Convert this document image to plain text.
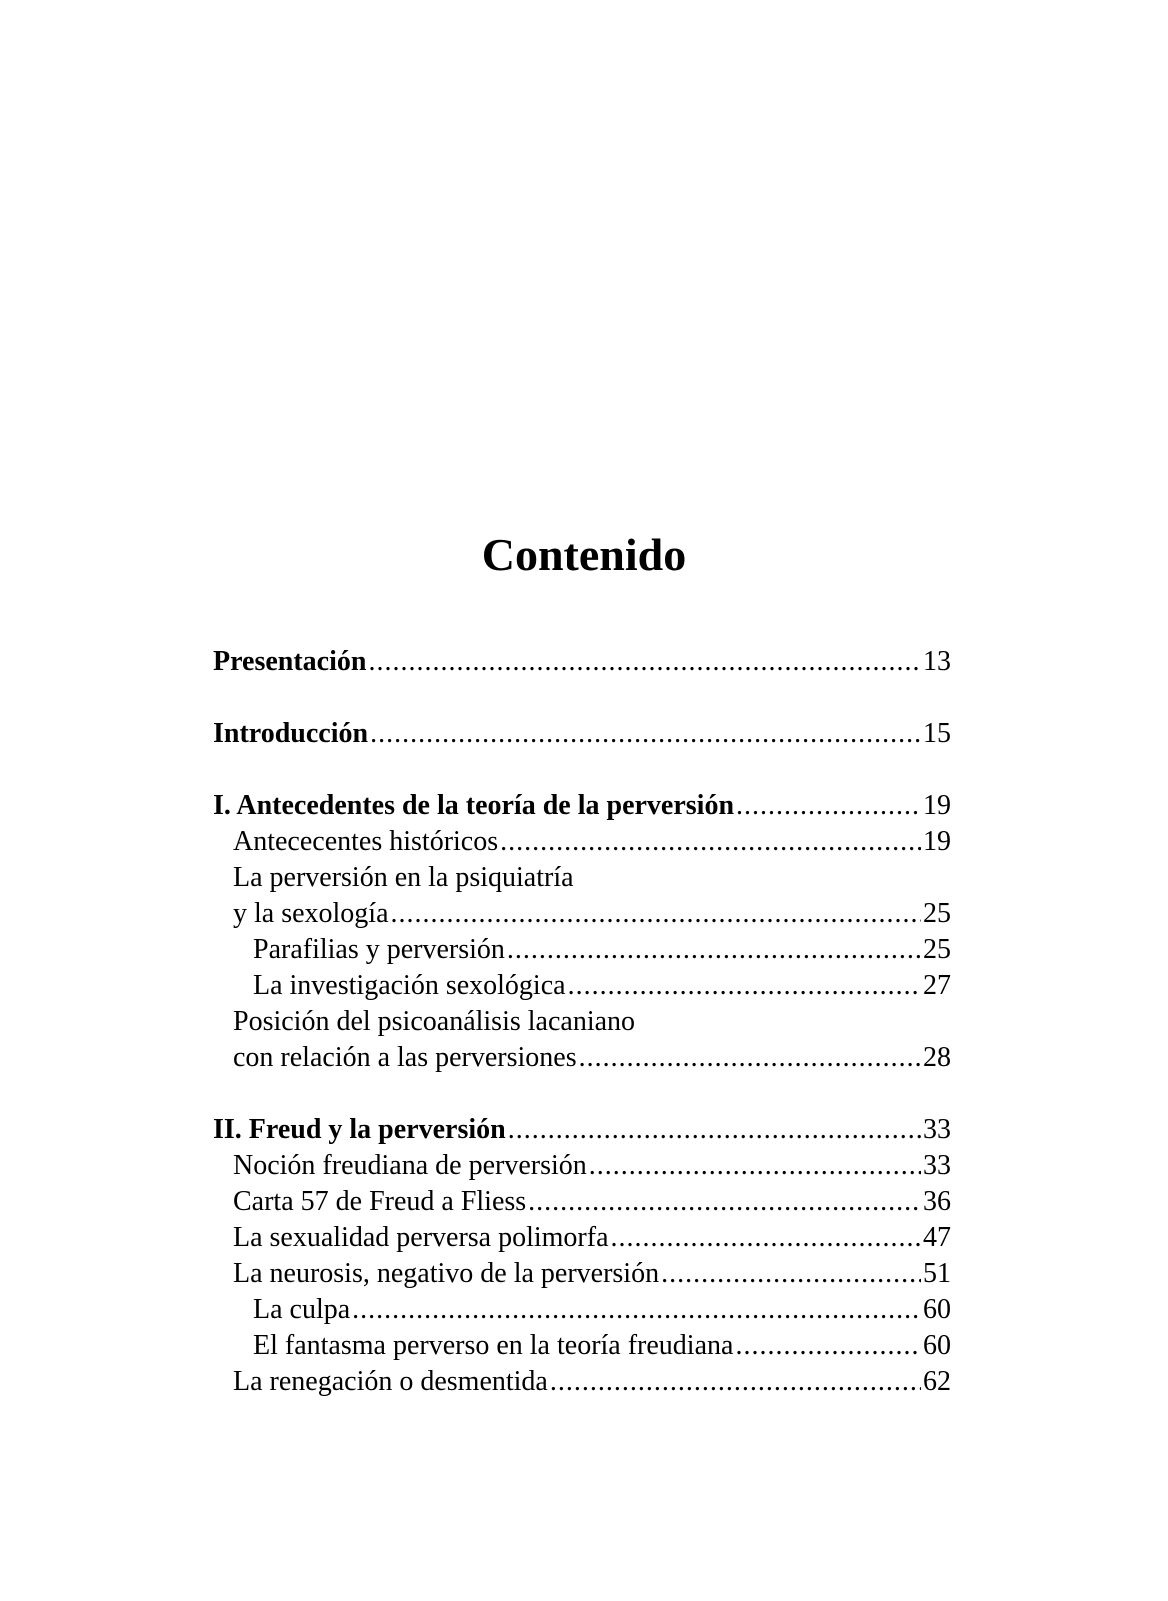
Contenido
Presentación .....	13
Introducción .....	15
I. Antecedentes de la teoría de la perversión .....	19
Antececentes históricos .....	19
La perversión en la psiquiatría
y la sexología .....	25
Parafilias y perversión .....	25
La investigación sexológica .....	27
Posición del psicoanálisis lacaniano
con relación a las perversiones .....	28
II. Freud y la perversión .....	33
Noción freudiana de perversión .....	33
Carta 57 de Freud a Fliess .....	36
La sexualidad perversa polimorfa .....	47
La neurosis, negativo de la perversión .....	51
La culpa .....	60
El fantasma perverso en la teoría freudiana .....	60
La renegación o desmentida .....	62
